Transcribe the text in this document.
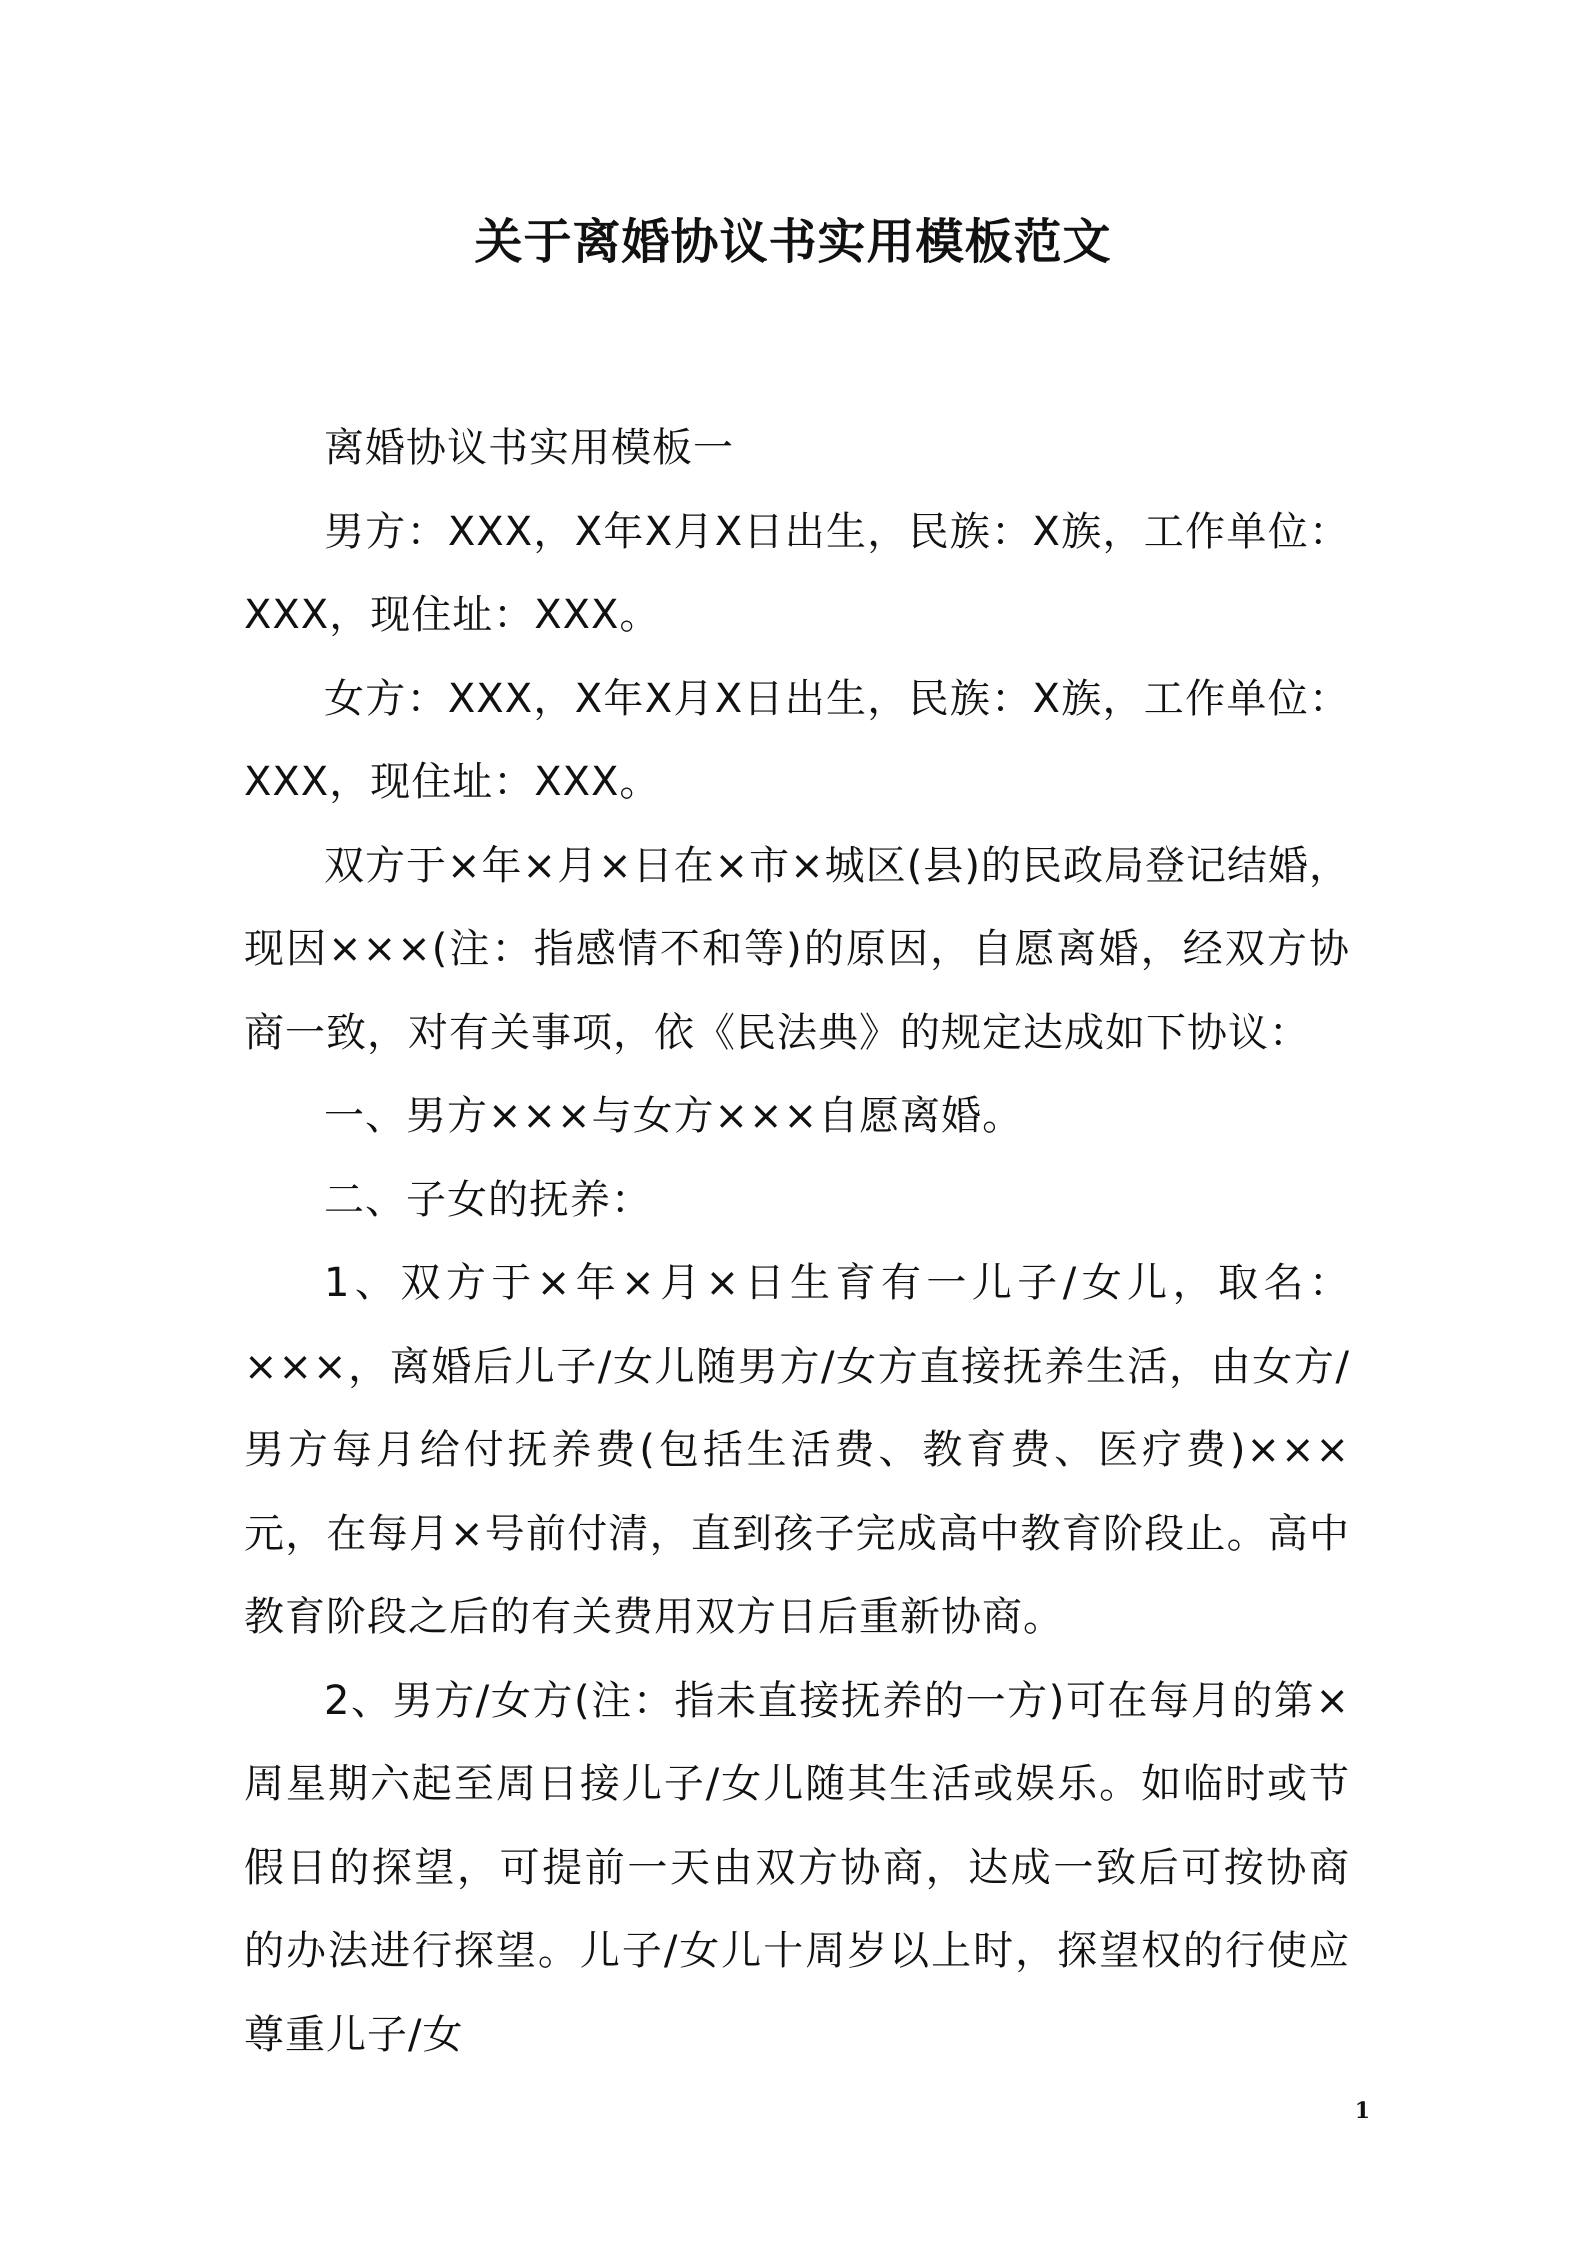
关于离婚协议书实用模板范文

离婚协议书实用模板一

男方：XXX，X年X月X日出生，民族：X族，工作单位：XXX，现住址：XXX。

女方：XXX，X年X月X日出生，民族：X族，工作单位：XXX，现住址：XXX。

双方于×年×月×日在×市×城区(县)的民政局登记结婚，现因×××(注：指感情不和等)的原因，自愿离婚，经双方协商一致，对有关事项，依《民法典》的规定达成如下协议：

一、男方×××与女方×××自愿离婚。

二、子女的抚养：

1、双方于×年×月×日生育有一儿子/女儿，取名：×××，离婚后儿子/女儿随男方/女方直接抚养生活，由女方/男方每月给付抚养费(包括生活费、教育费、医疗费)×××元，在每月×号前付清，直到孩子完成高中教育阶段止。高中教育阶段之后的有关费用双方日后重新协商。

2、男方/女方(注：指未直接抚养的一方)可在每月的第×周星期六起至周日接儿子/女儿随其生活或娱乐。如临时或节假日的探望，可提前一天由双方协商，达成一致后可按协商的办法进行探望。儿子/女儿十周岁以上时，探望权的行使应尊重儿子/女

1
